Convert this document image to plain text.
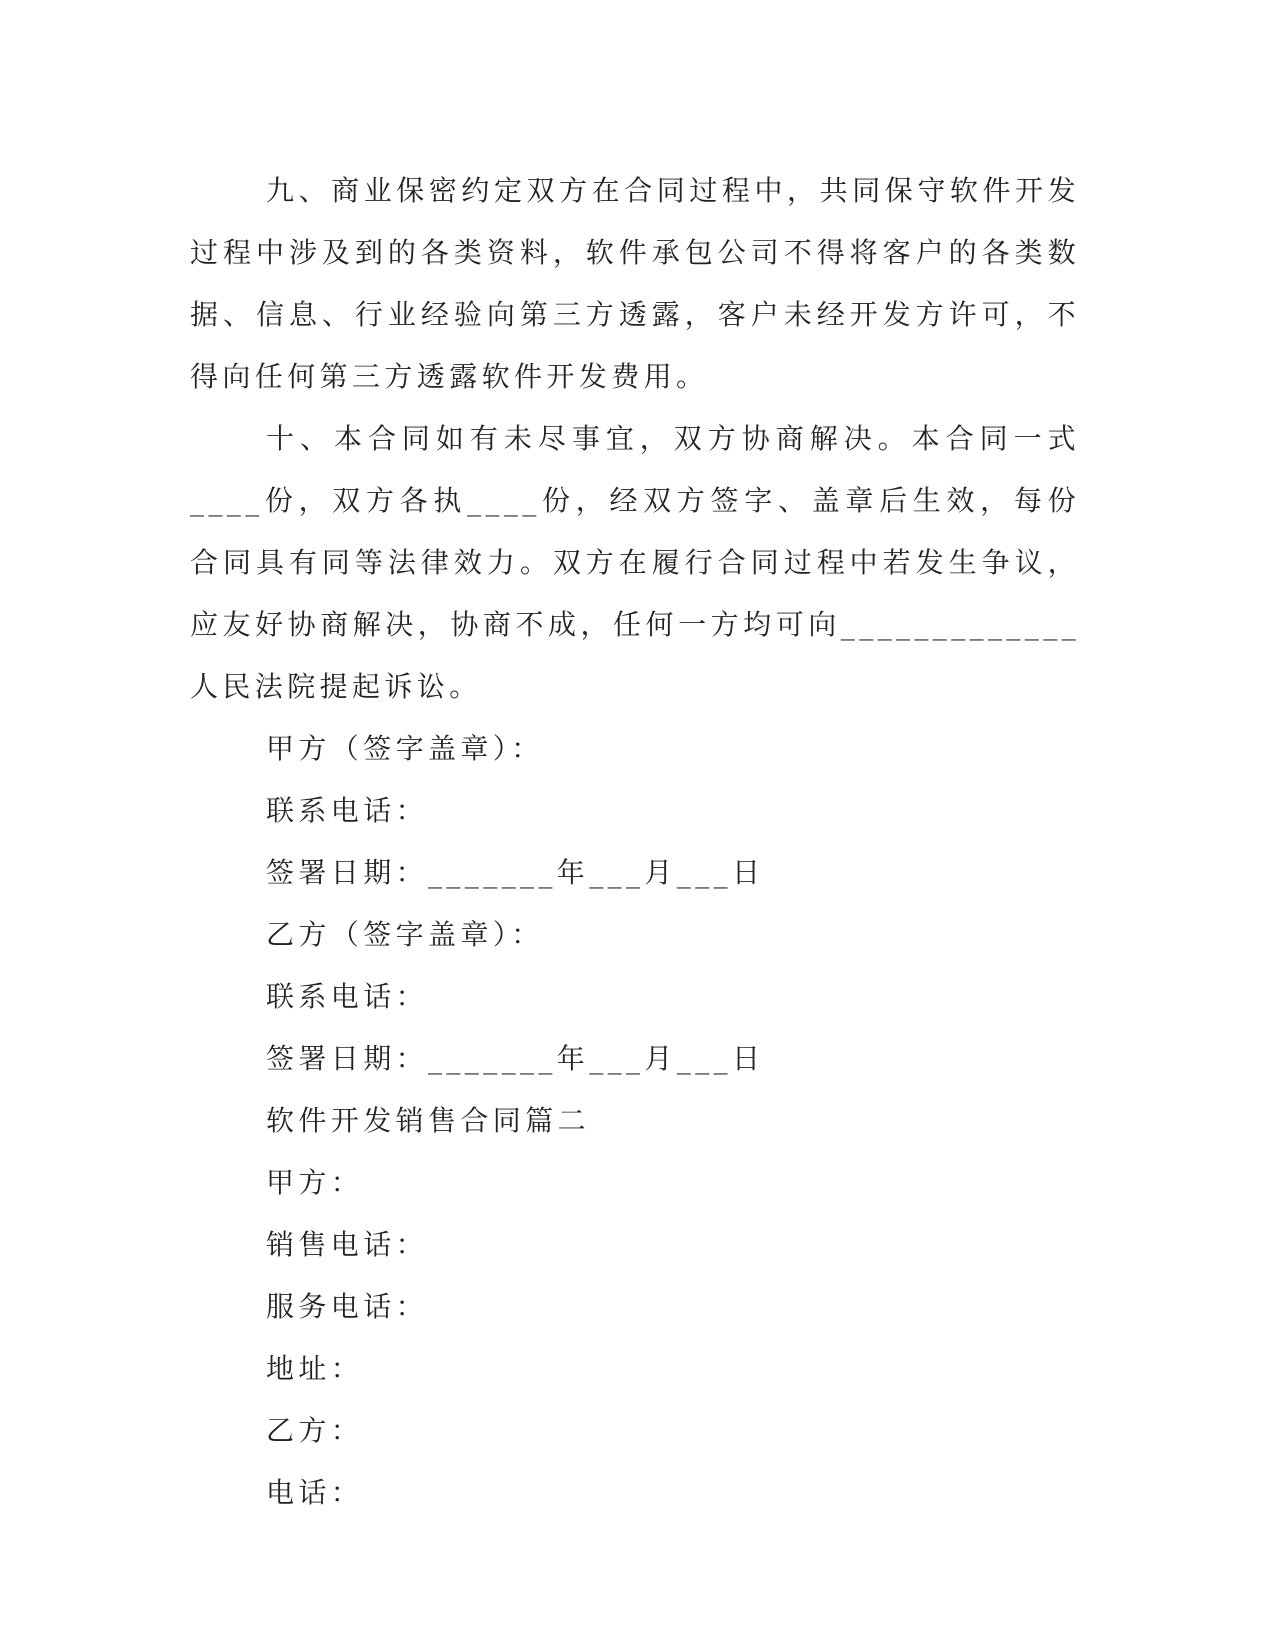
九、商业保密约定双方在合同过程中，共同保守软件开发过程中涉及到的各类资料，软件承包公司不得将客户的各类数据、信息、行业经验向第三方透露，客户未经开发方许可，不得向任何第三方透露软件开发费用。

十、本合同如有未尽事宜，双方协商解决。本合同一式____份，双方各执____份，经双方签字、盖章后生效，每份合同具有同等法律效力。双方在履行合同过程中若发生争议，应友好协商解决，协商不成，任何一方均可向_____________人民法院提起诉讼。

甲方（签字盖章）：

联系电话：

签署日期：_______年___月___日

乙方（签字盖章）：

联系电话：

签署日期：_______年___月___日

软件开发销售合同篇二

甲方：

销售电话：

服务电话：

地址：

乙方：

电话：
